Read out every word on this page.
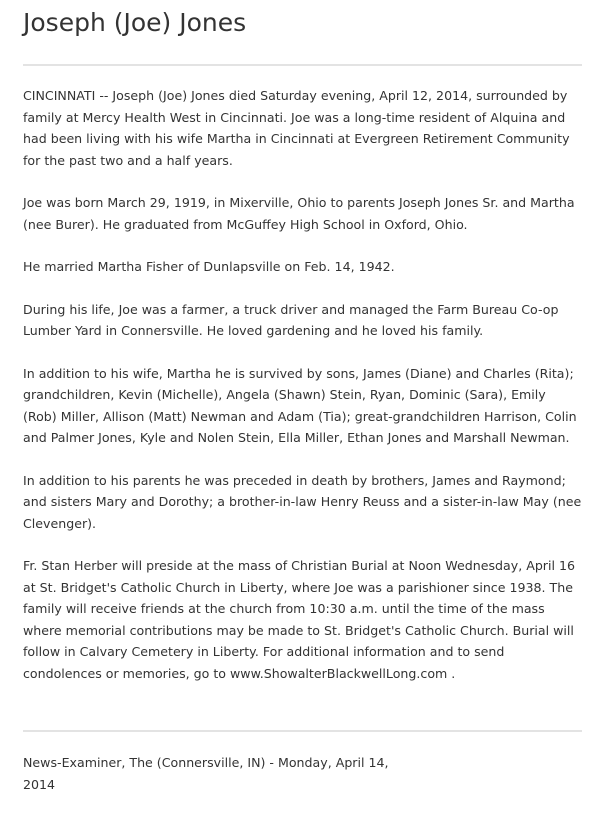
Joseph (Joe) Jones

CINCINNATI -- Joseph (Joe) Jones died Saturday evening, April 12, 2014, surrounded by family at Mercy Health West in Cincinnati. Joe was a long-time resident of Alquina and had been living with his wife Martha in Cincinnati at Evergreen Retirement Community for the past two and a half years.

Joe was born March 29, 1919, in Mixerville, Ohio to parents Joseph Jones Sr. and Martha (nee Burer). He graduated from McGuffey High School in Oxford, Ohio.

He married Martha Fisher of Dunlapsville on Feb. 14, 1942.

During his life, Joe was a farmer, a truck driver and managed the Farm Bureau Co-op Lumber Yard in Connersville. He loved gardening and he loved his family.

In addition to his wife, Martha he is survived by sons, James (Diane) and Charles (Rita); grandchildren, Kevin (Michelle), Angela (Shawn) Stein, Ryan, Dominic (Sara), Emily (Rob) Miller, Allison (Matt) Newman and Adam (Tia); great-grandchildren Harrison, Colin and Palmer Jones, Kyle and Nolen Stein, Ella Miller, Ethan Jones and Marshall Newman.

In addition to his parents he was preceded in death by brothers, James and Raymond; and sisters Mary and Dorothy; a brother-in-law Henry Reuss and a sister-in-law May (nee Clevenger).

Fr. Stan Herber will preside at the mass of Christian Burial at Noon Wednesday, April 16 at St. Bridget's Catholic Church in Liberty, where Joe was a parishioner since 1938. The family will receive friends at the church from 10:30 a.m. until the time of the mass where memorial contributions may be made to St. Bridget's Catholic Church. Burial will follow in Calvary Cemetery in Liberty. For additional information and to send condolences or memories, go to www.ShowalterBlackwellLong.com .

News-Examiner, The (Connersville, IN) - Monday, April 14, 2014
